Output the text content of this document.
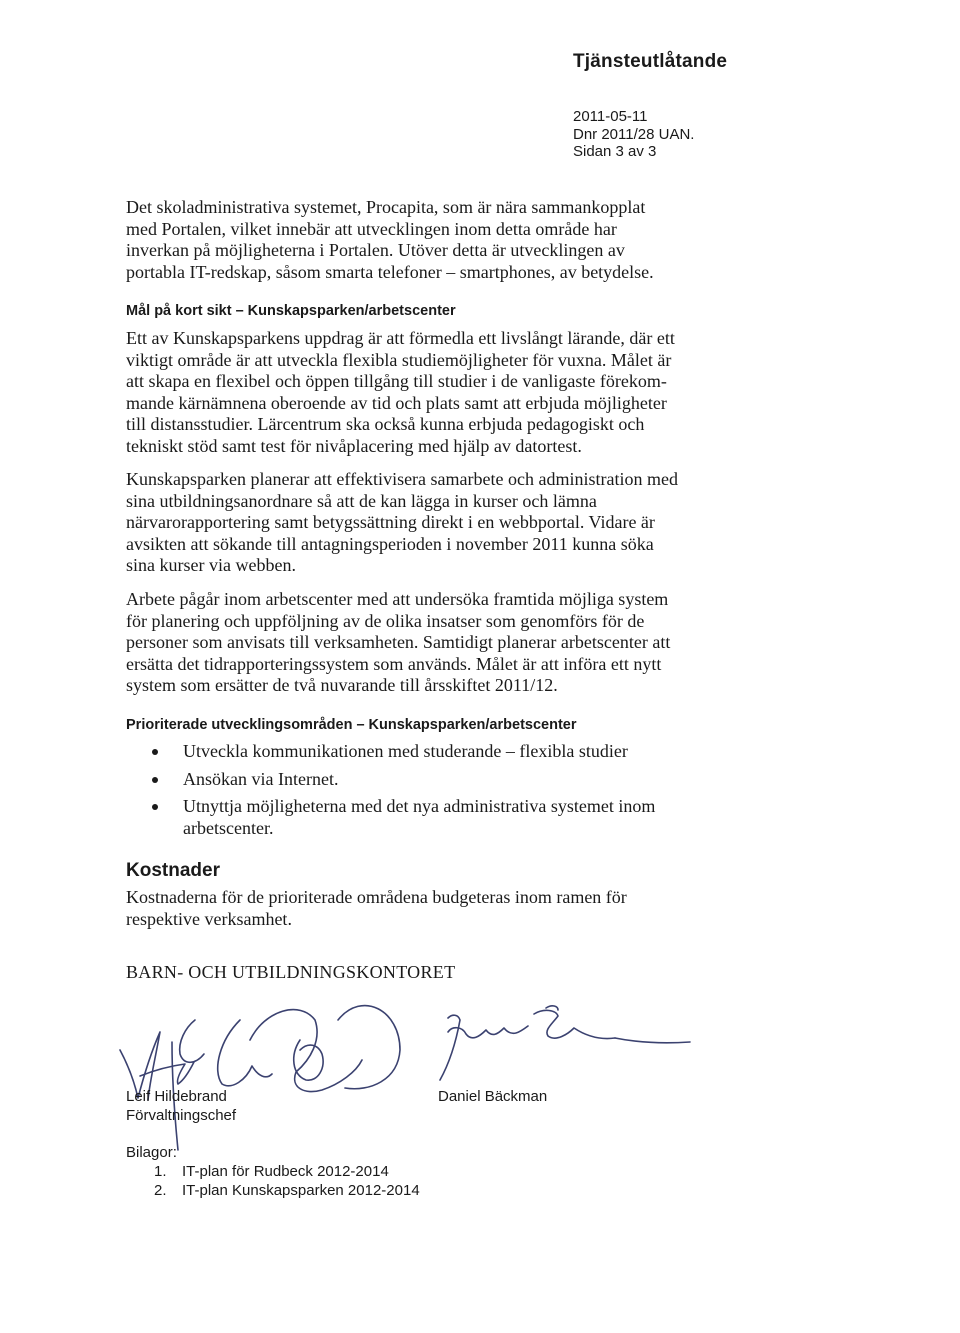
Tjänsteutlåtande
2011-05-11
Dnr 2011/28 UAN.
Sidan 3 av 3

Det skoladministrativa systemet, Procapita, som är nära sammankopplat
med Portalen, vilket innebär att utvecklingen inom detta område har
inverkan på möjligheterna i Portalen. Utöver detta är utvecklingen av
portabla IT-redskap, såsom smarta telefoner – smartphones, av betydelse.

Mål på kort sikt – Kunskapsparken/arbetscenter

Ett av Kunskapsparkens uppdrag är att förmedla ett livslångt lärande, där ett
viktigt område är att utveckla flexibla studiemöjligheter för vuxna. Målet är
att skapa en flexibel och öppen tillgång till studier i de vanligaste förekom-
mande kärnämnena oberoende av tid och plats samt att erbjuda möjligheter
till distansstudier. Lärcentrum ska också kunna erbjuda pedagogiskt och
tekniskt stöd samt test för nivåplacering med hjälp av datortest.

Kunskapsparken planerar att effektivisera samarbete och administration med
sina utbildningsanordnare så att de kan lägga in kurser och lämna
närvarorapportering samt betygssättning direkt i en webbportal. Vidare är
avsikten att sökande till antagningsperioden i november 2011 kunna söka
sina kurser via webben.

Arbete pågår inom arbetscenter med att undersöka framtida möjliga system
för planering och uppföljning av de olika insatser som genomförs för de
personer som anvisats till verksamheten. Samtidigt planerar arbetscenter att
ersätta det tidrapporteringssystem som används. Målet är att införa ett nytt
system som ersätter de två nuvarande till årsskiftet 2011/12.

Prioriterade utvecklingsområden – Kunskapsparken/arbetscenter
Utveckla kommunikationen med studerande – flexibla studier
Ansökan via Internet.
Utnyttja möjligheterna med det nya administrativa systemet inom
arbetscenter.
Kostnader

Kostnaderna för de prioriterade områdena budgeteras inom ramen för
respektive verksamhet.

BARN- OCH UTBILDNINGSKONTORET
Leif Hildebrand
Förvaltningschef
Daniel Bäckman
Bilagor:
1. IT-plan för Rudbeck 2012-2014
2. IT-plan Kunskapsparken 2012-2014
